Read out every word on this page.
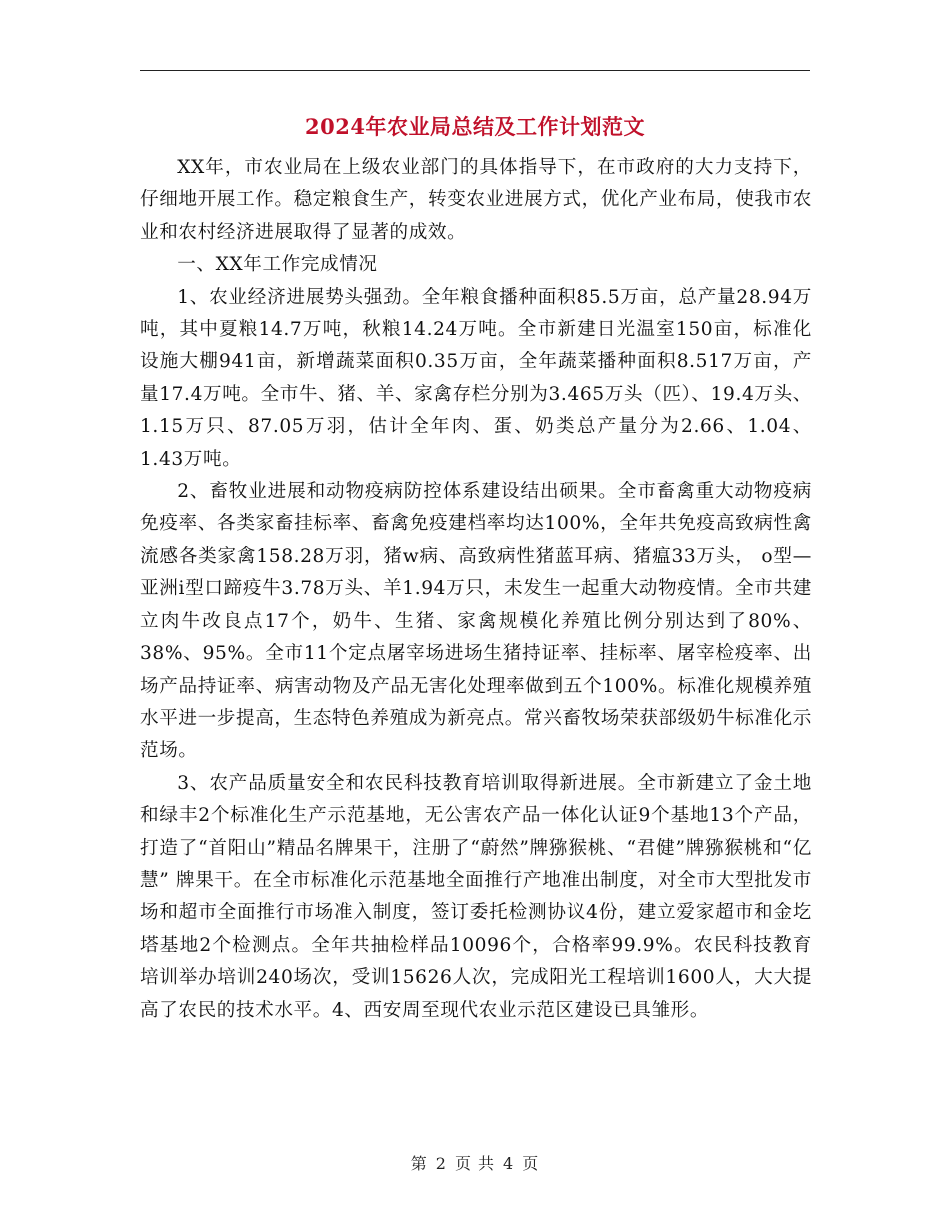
2024年农业局总结及工作计划范文

XX年，市农业局在上级农业部门的具体指导下，在市政府的大力支持下，仔细地开展工作。稳定粮食生产，转变农业进展方式，优化产业布局，使我市农业和农村经济进展取得了显著的成效。

一、XX年工作完成情况

1、农业经济进展势头强劲。全年粮食播种面积85.5万亩，总产量28.94万吨，其中夏粮14.7万吨，秋粮14.24万吨。全市新建日光温室150亩，标准化设施大棚941亩，新增蔬菜面积0.35万亩，全年蔬菜播种面积8.517万亩，产量17.4万吨。全市牛、猪、羊、家禽存栏分别为3.465万头（匹）、19.4万头、1.15万只、87.05万羽，估计全年肉、蛋、奶类总产量分为2.66、1.04、1.43万吨。

2、畜牧业进展和动物疫病防控体系建设结出硕果。全市畜禽重大动物疫病免疫率、各类家畜挂标率、畜禽免疫建档率均达100%，全年共免疫高致病性禽流感各类家禽158.28万羽，猪w病、高致病性猪蓝耳病、猪瘟33万头， o型—亚洲i型口蹄疫牛3.78万头、羊1.94万只，未发生一起重大动物疫情。全市共建立肉牛改良点17个，奶牛、生猪、家禽规模化养殖比例分别达到了80%、38%、95%。全市11个定点屠宰场进场生猪持证率、挂标率、屠宰检疫率、出场产品持证率、病害动物及产品无害化处理率做到五个100%。标准化规模养殖水平进一步提高，生态特色养殖成为新亮点。常兴畜牧场荣获部级奶牛标准化示范场。

3、农产品质量安全和农民科技教育培训取得新进展。全市新建立了金土地和绿丰2个标准化生产示范基地，无公害农产品一体化认证9个基地13个产品，打造了“首阳山”精品名牌果干，注册了“蔚然”牌猕猴桃、“君健”牌猕猴桃和“亿慧” 牌果干。在全市标准化示范基地全面推行产地准出制度，对全市大型批发市场和超市全面推行市场准入制度，签订委托检测协议4份，建立爱家超市和金圪塔基地2个检测点。全年共抽检样品10096个，合格率99.9%。农民科技教育培训举办培训240场次，受训15626人次，完成阳光工程培训1600人，大大提高了农民的技术水平。4、西安周至现代农业示范区建设已具雏形。

第 2 页 共 4 页
